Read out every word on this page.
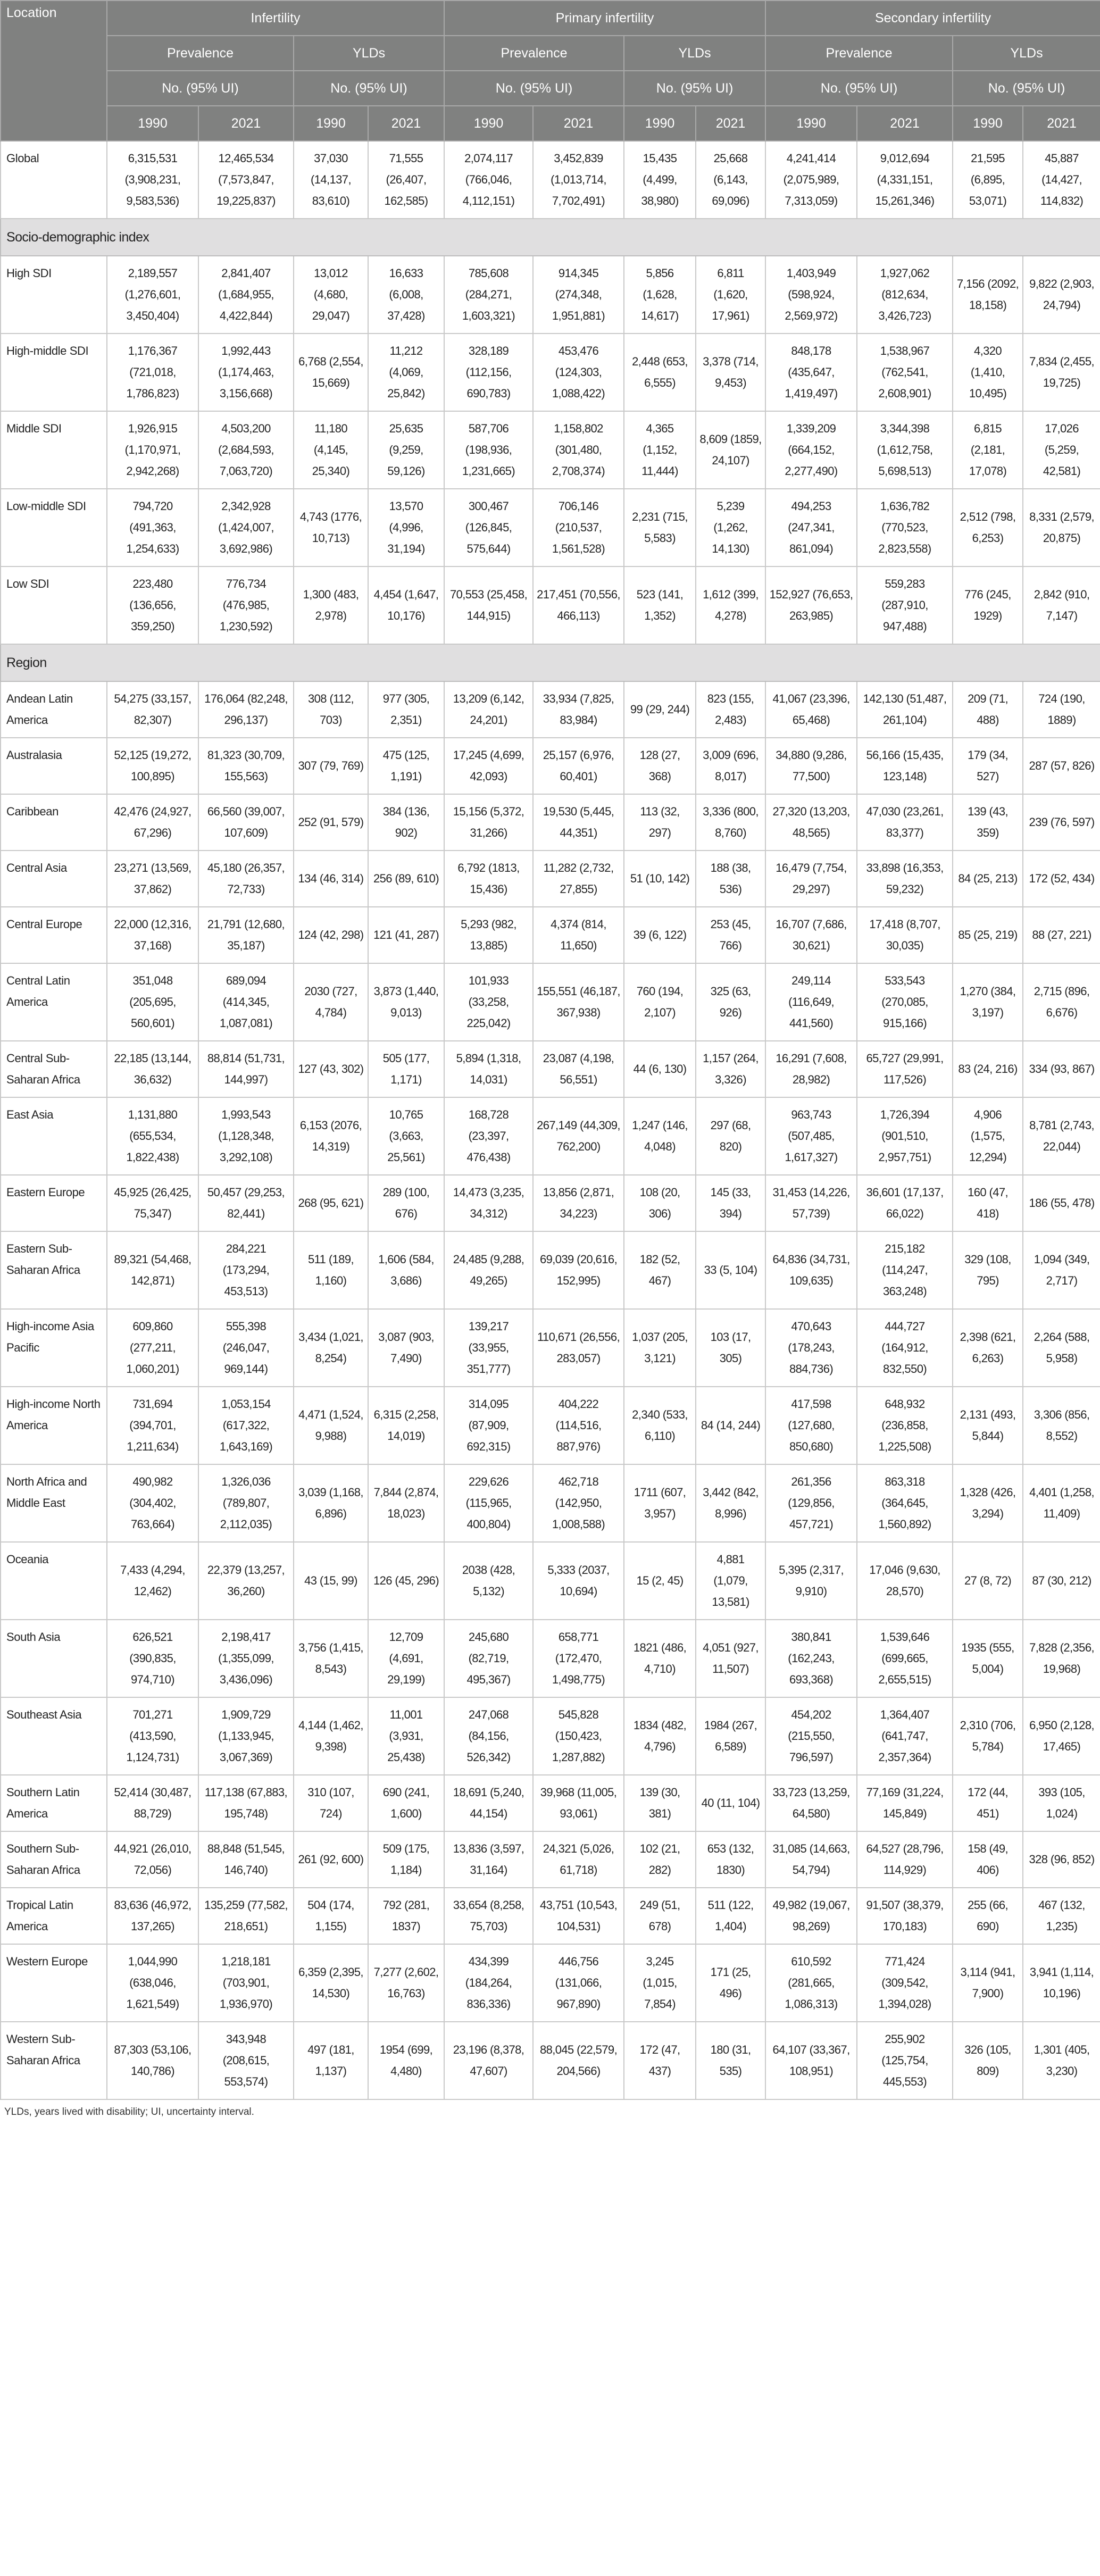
Location	Infertility				Primary infertility				Secondary infertility			
	Prevalence		YLDs		Prevalence		YLDs		Prevalence		YLDs	
	No. (95% UI)		No. (95% UI)		No. (95% UI)		No. (95% UI)		No. (95% UI)		No. (95% UI)	
	1990	2021	1990	2021	1990	2021	1990	2021	1990	2021	1990	2021
Global	6,315,531 (3,908,231, 9,583,536)	12,465,534 (7,573,847, 19,225,837)	37,030 (14,137, 83,610)	71,555 (26,407, 162,585)	2,074,117 (766,046, 4,112,151)	3,452,839 (1,013,714, 7,702,491)	15,435 (4,499, 38,980)	25,668 (6,143, 69,096)	4,241,414 (2,075,989, 7,313,059)	9,012,694 (4,331,151, 15,261,346)	21,595 (6,895, 53,071)	45,887 (14,427, 114,832)
Socio-demographic index												
High SDI	2,189,557 (1,276,601, 3,450,404)	2,841,407 (1,684,955, 4,422,844)	13,012 (4,680, 29,047)	16,633 (6,008, 37,428)	785,608 (284,271, 1,603,321)	914,345 (274,348, 1,951,881)	5,856 (1,628, 14,617)	6,811 (1,620, 17,961)	1,403,949 (598,924, 2,569,972)	1,927,062 (812,634, 3,426,723)	7,156 (2092, 18,158)	9,822 (2,903, 24,794)
High-middle SDI	1,176,367 (721,018, 1,786,823)	1,992,443 (1,174,463, 3,156,668)	6,768 (2,554, 15,669)	11,212 (4,069, 25,842)	328,189 (112,156, 690,783)	453,476 (124,303, 1,088,422)	2,448 (653, 6,555)	3,378 (714, 9,453)	848,178 (435,647, 1,419,497)	1,538,967 (762,541, 2,608,901)	4,320 (1,410, 10,495)	7,834 (2,455, 19,725)
Middle SDI	1,926,915 (1,170,971, 2,942,268)	4,503,200 (2,684,593, 7,063,720)	11,180 (4,145, 25,340)	25,635 (9,259, 59,126)	587,706 (198,936, 1,231,665)	1,158,802 (301,480, 2,708,374)	4,365 (1,152, 11,444)	8,609 (1859, 24,107)	1,339,209 (664,152, 2,277,490)	3,344,398 (1,612,758, 5,698,513)	6,815 (2,181, 17,078)	17,026 (5,259, 42,581)
Low-middle SDI	794,720 (491,363, 1,254,633)	2,342,928 (1,424,007, 3,692,986)	4,743 (1776, 10,713)	13,570 (4,996, 31,194)	300,467 (126,845, 575,644)	706,146 (210,537, 1,561,528)	2,231 (715, 5,583)	5,239 (1,262, 14,130)	494,253 (247,341, 861,094)	1,636,782 (770,523, 2,823,558)	2,512 (798, 6,253)	8,331 (2,579, 20,875)
Low SDI	223,480 (136,656, 359,250)	776,734 (476,985, 1,230,592)	1,300 (483, 2,978)	4,454 (1,647, 10,176)	70,553 (25,458, 144,915)	217,451 (70,556, 466,113)	523 (141, 1,352)	1,612 (399, 4,278)	152,927 (76,653, 263,985)	559,283 (287,910, 947,488)	776 (245, 1929)	2,842 (910, 7,147)
Region												
Andean Latin America	54,275 (33,157, 82,307)	176,064 (82,248, 296,137)	308 (112, 703)	977 (305, 2,351)	13,209 (6,142, 24,201)	33,934 (7,825, 83,984)	99 (29, 244)	823 (155, 2,483)	41,067 (23,396, 65,468)	142,130 (51,487, 261,104)	209 (71, 488)	724 (190, 1889)
Australasia	52,125 (19,272, 100,895)	81,323 (30,709, 155,563)	307 (79, 769)	475 (125, 1,191)	17,245 (4,699, 42,093)	25,157 (6,976, 60,401)	128 (27, 368)	3,009 (696, 8,017)	34,880 (9,286, 77,500)	56,166 (15,435, 123,148)	179 (34, 527)	287 (57, 826)
Caribbean	42,476 (24,927, 67,296)	66,560 (39,007, 107,609)	252 (91, 579)	384 (136, 902)	15,156 (5,372, 31,266)	19,530 (5,445, 44,351)	113 (32, 297)	3,336 (800, 8,760)	27,320 (13,203, 48,565)	47,030 (23,261, 83,377)	139 (43, 359)	239 (76, 597)
Central Asia	23,271 (13,569, 37,862)	45,180 (26,357, 72,733)	134 (46, 314)	256 (89, 610)	6,792 (1813, 15,436)	11,282 (2,732, 27,855)	51 (10, 142)	188 (38, 536)	16,479 (7,754, 29,297)	33,898 (16,353, 59,232)	84 (25, 213)	172 (52, 434)
Central Europe	22,000 (12,316, 37,168)	21,791 (12,680, 35,187)	124 (42, 298)	121 (41, 287)	5,293 (982, 13,885)	4,374 (814, 11,650)	39 (6, 122)	253 (45, 766)	16,707 (7,686, 30,621)	17,418 (8,707, 30,035)	85 (25, 219)	88 (27, 221)
Central Latin America	351,048 (205,695, 560,601)	689,094 (414,345, 1,087,081)	2030 (727, 4,784)	3,873 (1,440, 9,013)	101,933 (33,258, 225,042)	155,551 (46,187, 367,938)	760 (194, 2,107)	325 (63, 926)	249,114 (116,649, 441,560)	533,543 (270,085, 915,166)	1,270 (384, 3,197)	2,715 (896, 6,676)
Central Sub-Saharan Africa	22,185 (13,144, 36,632)	88,814 (51,731, 144,997)	127 (43, 302)	505 (177, 1,171)	5,894 (1,318, 14,031)	23,087 (4,198, 56,551)	44 (6, 130)	1,157 (264, 3,326)	16,291 (7,608, 28,982)	65,727 (29,991, 117,526)	83 (24, 216)	334 (93, 867)
East Asia	1,131,880 (655,534, 1,822,438)	1,993,543 (1,128,348, 3,292,108)	6,153 (2076, 14,319)	10,765 (3,663, 25,561)	168,728 (23,397, 476,438)	267,149 (44,309, 762,200)	1,247 (146, 4,048)	297 (68, 820)	963,743 (507,485, 1,617,327)	1,726,394 (901,510, 2,957,751)	4,906 (1,575, 12,294)	8,781 (2,743, 22,044)
Eastern Europe	45,925 (26,425, 75,347)	50,457 (29,253, 82,441)	268 (95, 621)	289 (100, 676)	14,473 (3,235, 34,312)	13,856 (2,871, 34,223)	108 (20, 306)	145 (33, 394)	31,453 (14,226, 57,739)	36,601 (17,137, 66,022)	160 (47, 418)	186 (55, 478)
Eastern Sub-Saharan Africa	89,321 (54,468, 142,871)	284,221 (173,294, 453,513)	511 (189, 1,160)	1,606 (584, 3,686)	24,485 (9,288, 49,265)	69,039 (20,616, 152,995)	182 (52, 467)	33 (5, 104)	64,836 (34,731, 109,635)	215,182 (114,247, 363,248)	329 (108, 795)	1,094 (349, 2,717)
High-income Asia Pacific	609,860 (277,211, 1,060,201)	555,398 (246,047, 969,144)	3,434 (1,021, 8,254)	3,087 (903, 7,490)	139,217 (33,955, 351,777)	110,671 (26,556, 283,057)	1,037 (205, 3,121)	103 (17, 305)	470,643 (178,243, 884,736)	444,727 (164,912, 832,550)	2,398 (621, 6,263)	2,264 (588, 5,958)
High-income North America	731,694 (394,701, 1,211,634)	1,053,154 (617,322, 1,643,169)	4,471 (1,524, 9,988)	6,315 (2,258, 14,019)	314,095 (87,909, 692,315)	404,222 (114,516, 887,976)	2,340 (533, 6,110)	84 (14, 244)	417,598 (127,680, 850,680)	648,932 (236,858, 1,225,508)	2,131 (493, 5,844)	3,306 (856, 8,552)
North Africa and Middle East	490,982 (304,402, 763,664)	1,326,036 (789,807, 2,112,035)	3,039 (1,168, 6,896)	7,844 (2,874, 18,023)	229,626 (115,965, 400,804)	462,718 (142,950, 1,008,588)	1711 (607, 3,957)	3,442 (842, 8,996)	261,356 (129,856, 457,721)	863,318 (364,645, 1,560,892)	1,328 (426, 3,294)	4,401 (1,258, 11,409)
Oceania	7,433 (4,294, 12,462)	22,379 (13,257, 36,260)	43 (15, 99)	126 (45, 296)	2038 (428, 5,132)	5,333 (2037, 10,694)	15 (2, 45)	4,881 (1,079, 13,581)	5,395 (2,317, 9,910)	17,046 (9,630, 28,570)	27 (8, 72)	87 (30, 212)
South Asia	626,521 (390,835, 974,710)	2,198,417 (1,355,099, 3,436,096)	3,756 (1,415, 8,543)	12,709 (4,691, 29,199)	245,680 (82,719, 495,367)	658,771 (172,470, 1,498,775)	1821 (486, 4,710)	4,051 (927, 11,507)	380,841 (162,243, 693,368)	1,539,646 (699,665, 2,655,515)	1935 (555, 5,004)	7,828 (2,356, 19,968)
Southeast Asia	701,271 (413,590, 1,124,731)	1,909,729 (1,133,945, 3,067,369)	4,144 (1,462, 9,398)	11,001 (3,931, 25,438)	247,068 (84,156, 526,342)	545,828 (150,423, 1,287,882)	1834 (482, 4,796)	1984 (267, 6,589)	454,202 (215,550, 796,597)	1,364,407 (641,747, 2,357,364)	2,310 (706, 5,784)	6,950 (2,128, 17,465)
Southern Latin America	52,414 (30,487, 88,729)	117,138 (67,883, 195,748)	310 (107, 724)	690 (241, 1,600)	18,691 (5,240, 44,154)	39,968 (11,005, 93,061)	139 (30, 381)	40 (11, 104)	33,723 (13,259, 64,580)	77,169 (31,224, 145,849)	172 (44, 451)	393 (105, 1,024)
Southern Sub-Saharan Africa	44,921 (26,010, 72,056)	88,848 (51,545, 146,740)	261 (92, 600)	509 (175, 1,184)	13,836 (3,597, 31,164)	24,321 (5,026, 61,718)	102 (21, 282)	653 (132, 1830)	31,085 (14,663, 54,794)	64,527 (28,796, 114,929)	158 (49, 406)	328 (96, 852)
Tropical Latin America	83,636 (46,972, 137,265)	135,259 (77,582, 218,651)	504 (174, 1,155)	792 (281, 1837)	33,654 (8,258, 75,703)	43,751 (10,543, 104,531)	249 (51, 678)	511 (122, 1,404)	49,982 (19,067, 98,269)	91,507 (38,379, 170,183)	255 (66, 690)	467 (132, 1,235)
Western Europe	1,044,990 (638,046, 1,621,549)	1,218,181 (703,901, 1,936,970)	6,359 (2,395, 14,530)	7,277 (2,602, 16,763)	434,399 (184,264, 836,336)	446,756 (131,066, 967,890)	3,245 (1,015, 7,854)	171 (25, 496)	610,592 (281,665, 1,086,313)	771,424 (309,542, 1,394,028)	3,114 (941, 7,900)	3,941 (1,114, 10,196)
Western Sub-Saharan Africa	87,303 (53,106, 140,786)	343,948 (208,615, 553,574)	497 (181, 1,137)	1954 (699, 4,480)	23,196 (8,378, 47,607)	88,045 (22,579, 204,566)	172 (47, 437)	180 (31, 535)	64,107 (33,367, 108,951)	255,902 (125,754, 445,553)	326 (105, 809)	1,301 (405, 3,230)
YLDs, years lived with disability; UI, uncertainty interval.
